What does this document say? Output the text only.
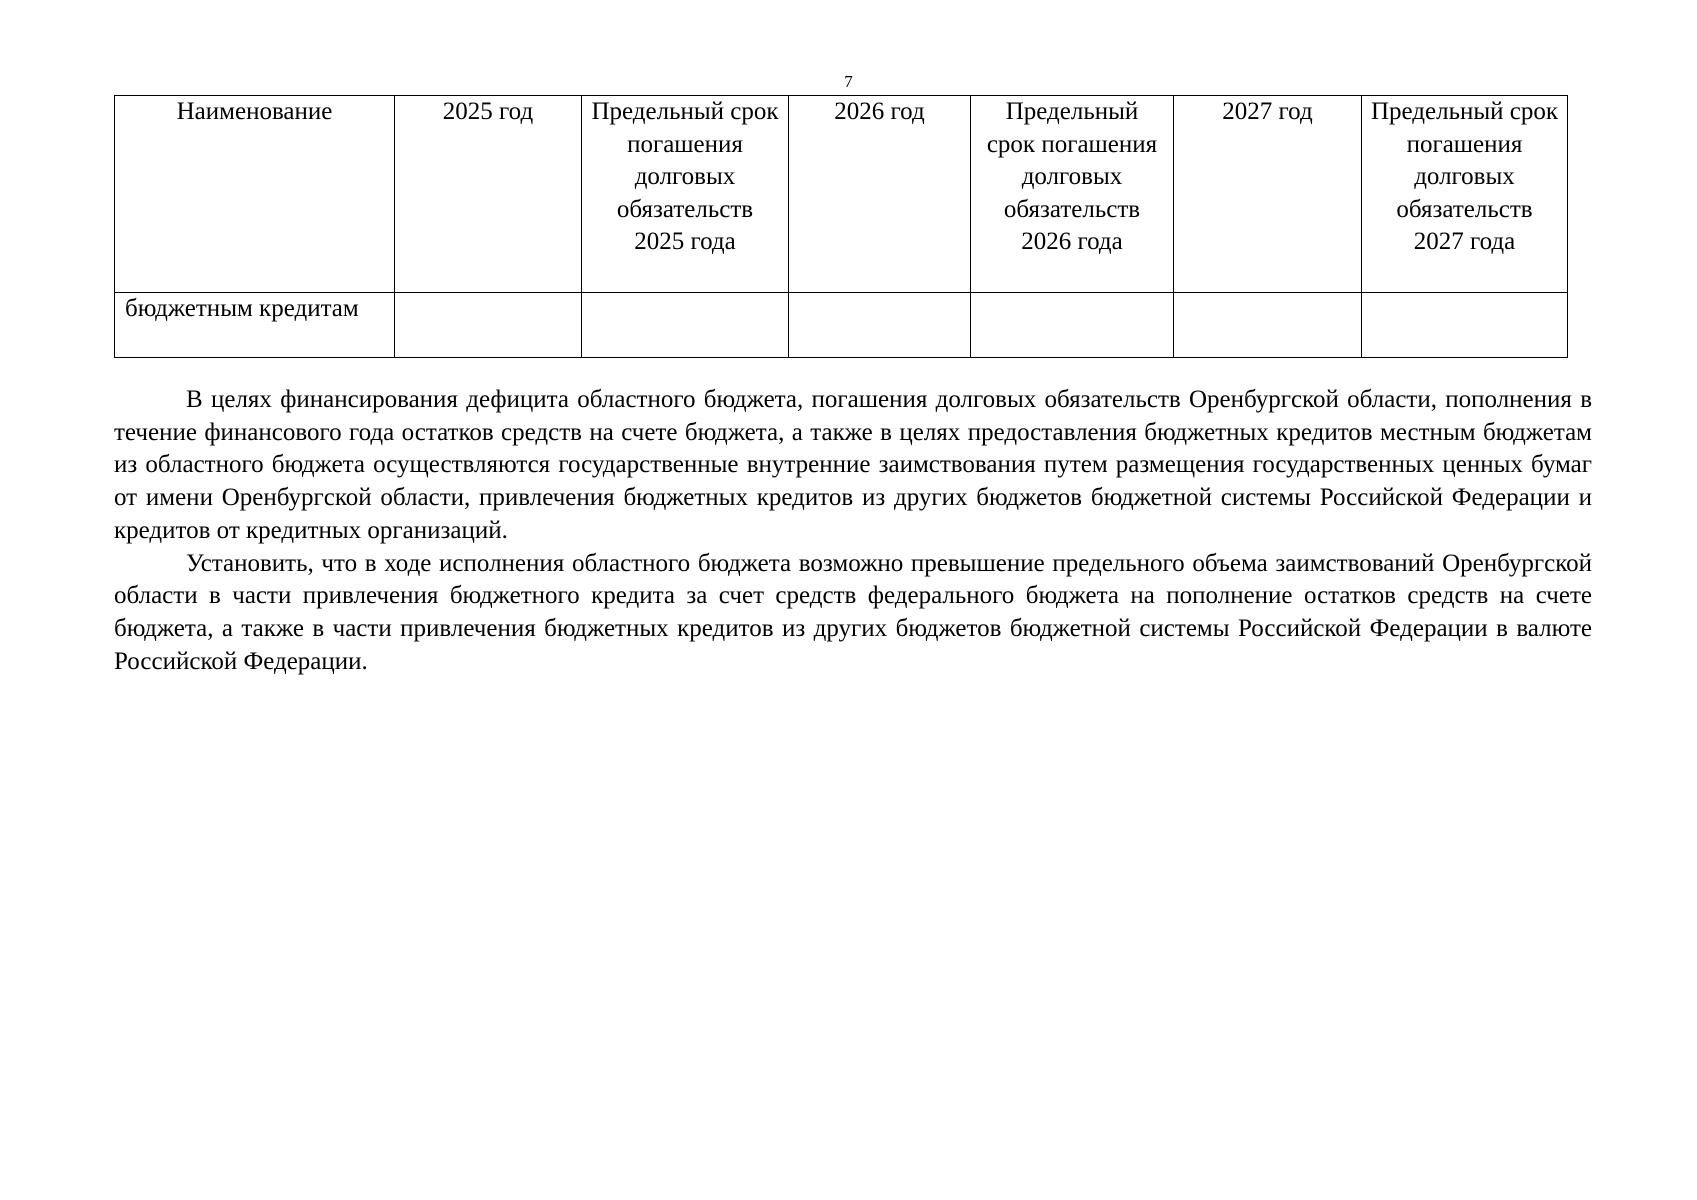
7
Наименование	2025 год	Предельный срок погашения долговых обязательств 2025 года	2026 год	Предельный срок погашения долговых обязательств 2026 года	2027 год	Предельный срок погашения долговых обязательств 2027 года

бюджетным кредитам						

В целях финансирования дефицита областного бюджета, погашения долговых обязательств Оренбургской области, пополнения в течение финансового года остатков средств на счете бюджета, а также в целях предоставления бюджетных кредитов местным бюджетам из областного бюджета осуществляются государственные внутренние заимствования путем размещения государственных ценных бумаг от имени Оренбургской области, привлечения бюджетных кредитов из других бюджетов бюджетной системы Российской Федерации и кредитов от кредитных организаций.

Установить, что в ходе исполнения областного бюджета возможно превышение предельного объема заимствований Оренбургской области в части привлечения бюджетного кредита за счет средств федерального бюджета на пополнение остатков средств на счете бюджета, а также в части привлечения бюджетных кредитов из других бюджетов бюджетной системы Российской Федерации в валюте Российской Федерации.
